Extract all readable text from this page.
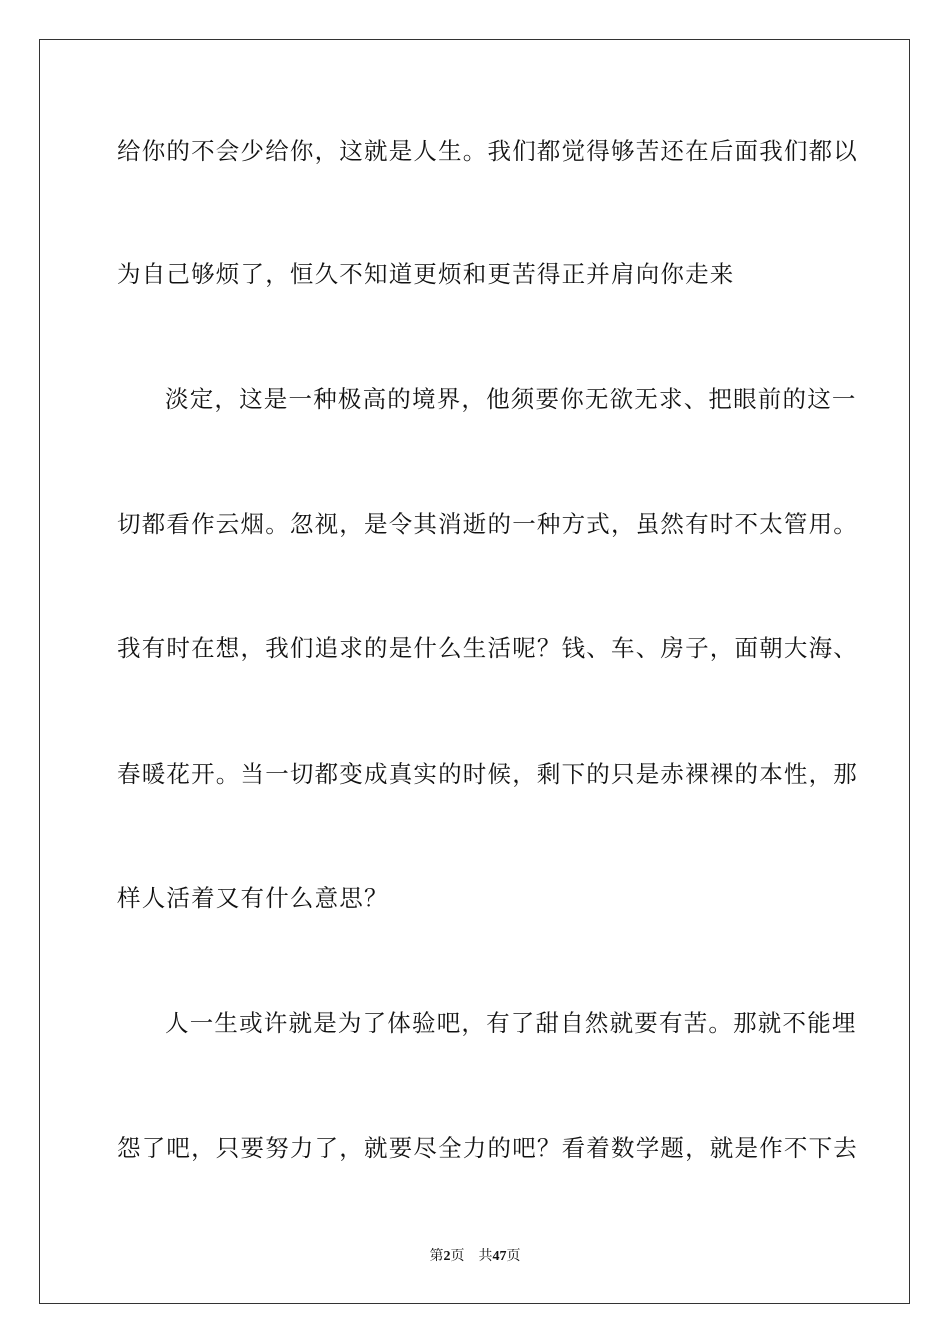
给你的不会少给你，这就是人生。我们都觉得够苦还在后面我们都以
为自己够烦了，恒久不知道更烦和更苦得正并肩向你走来
淡定，这是一种极高的境界，他须要你无欲无求、把眼前的这一
切都看作云烟。忽视，是令其消逝的一种方式，虽然有时不太管用。
我有时在想，我们追求的是什么生活呢？钱、车、房子，面朝大海、
春暖花开。当一切都变成真实的时候，剩下的只是赤裸裸的本性，那
样人活着又有什么意思？
人一生或许就是为了体验吧，有了甜自然就要有苦。那就不能埋
怨了吧，只要努力了，就要尽全力的吧？看着数学题，就是作不下去
第2页 共47页
